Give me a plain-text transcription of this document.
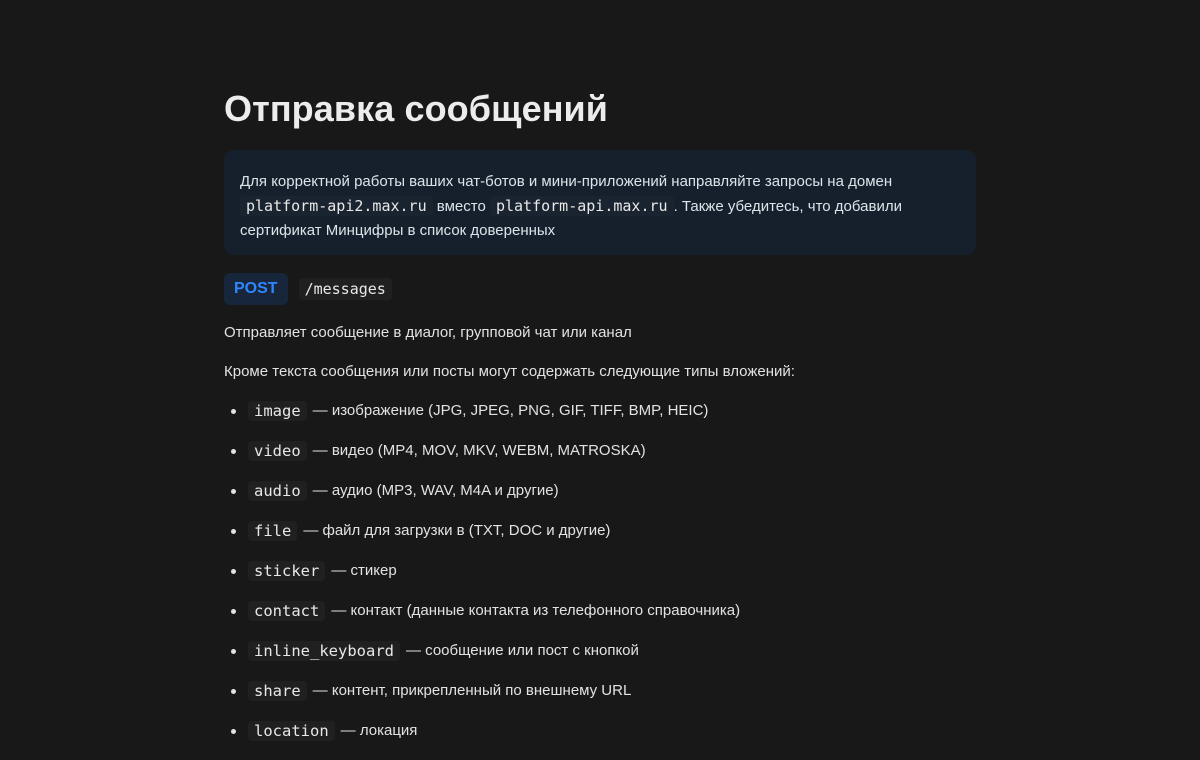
Отправка сообщений
Для корректной работы ваших чат-ботов и мини-приложений направляйте запросы на домен platform-api2.max.ru вместо platform-api.max.ru . Также убедитесь, что добавили сертификат Минцифры в список доверенных
POST	/messages
Отправляет сообщение в диалог, групповой чат или канал
Кроме текста сообщения или посты могут содержать следующие типы вложений:
image — изображение (JPG, JPEG, PNG, GIF, TIFF, BMP, HEIC)
video — видео (MP4, MOV, MKV, WEBM, MATROSKA)
audio — аудио (MP3, WAV, M4A и другие)
file — файл для загрузки в (TXT, DOC и другие)
sticker — стикер
contact — контакт (данные контакта из телефонного справочника)
inline_keyboard — сообщение или пост с кнопкой
share — контент, прикрепленный по внешнему URL
location — локация
